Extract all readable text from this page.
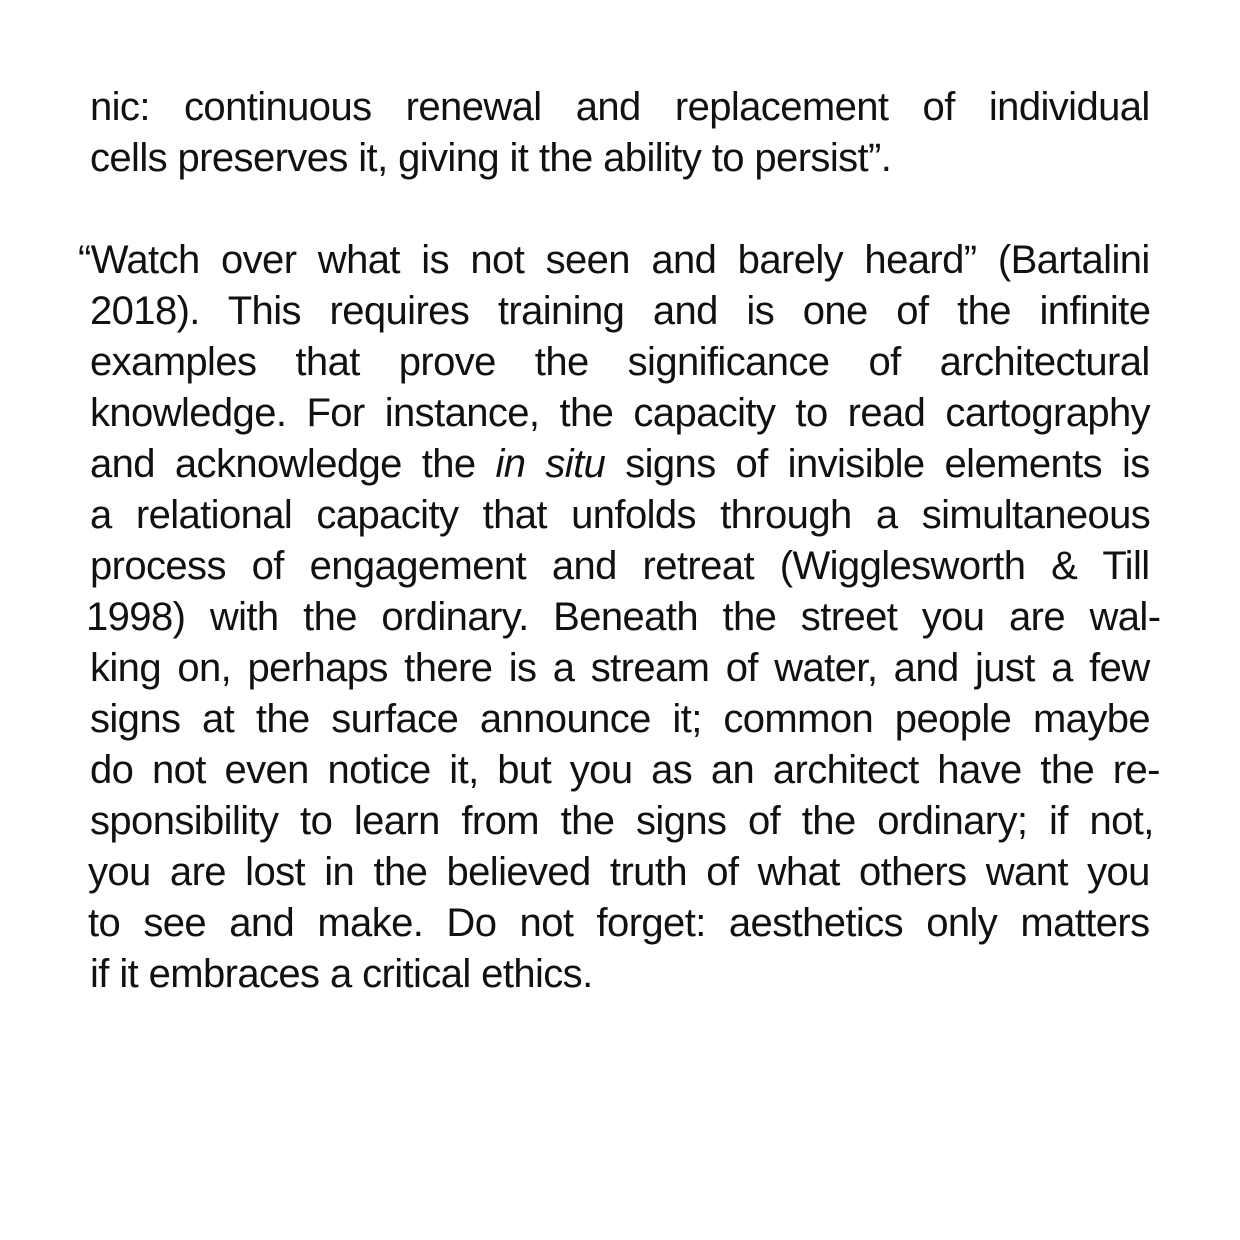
nic: continuous renewal and replacement of individual
cells preserves it, giving it the ability to persist”.
“Watch over what is not seen and barely heard” (Bartalini
2018). This requires training and is one of the infinite
examples that prove the significance of architectural
knowledge. For instance, the capacity to read cartography
and acknowledge the in situ signs of invisible elements is
a relational capacity that unfolds through a simultaneous
process of engagement and retreat (Wigglesworth & Till
1998) with the ordinary. Beneath the street you are wal-
king on, perhaps there is a stream of water, and just a few
signs at the surface announce it; common people maybe
do not even notice it, but you as an architect have the re-
sponsibility to learn from the signs of the ordinary; if not,
you are lost in the believed truth of what others want you
to see and make. Do not forget: aesthetics only matters
if it embraces a critical ethics.
